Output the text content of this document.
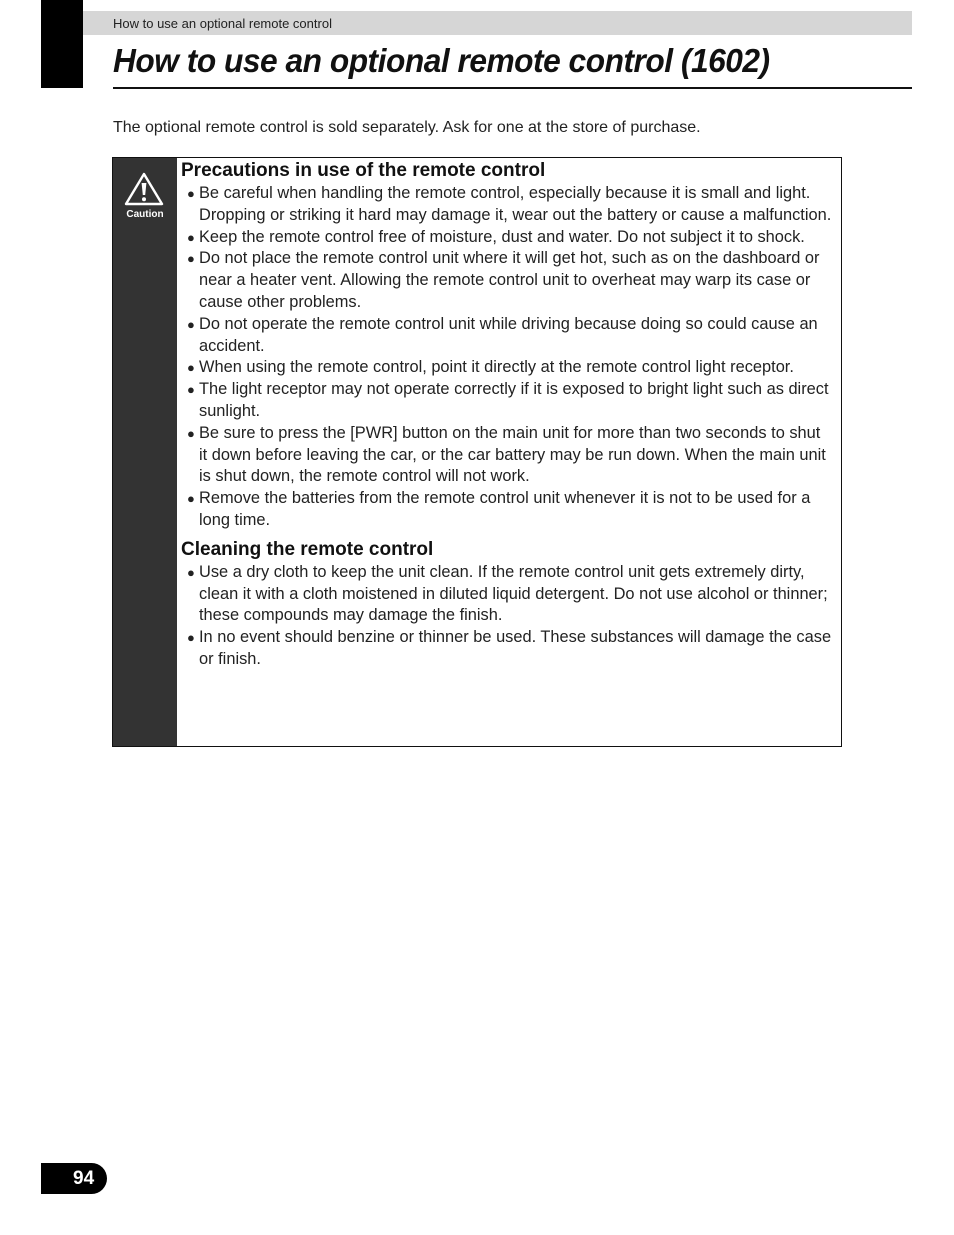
How to use an optional remote control
How to use an optional remote control (1602)

The optional remote control is sold separately. Ask for one at the store of purchase.

Caution
Precautions in use of the remote control
● Be careful when handling the remote control, especially because it is small and light. Dropping or striking it hard may damage it, wear out the battery or cause a malfunction.
● Keep the remote control free of moisture, dust and water. Do not subject it to shock.
● Do not place the remote control unit where it will get hot, such as on the dashboard or near a heater vent. Allowing the remote control unit to overheat may warp its case or cause other problems.
● Do not operate the remote control unit while driving because doing so could cause an accident.
● When using the remote control, point it directly at the remote control light receptor.
● The light receptor may not operate correctly if it is exposed to bright light such as direct sunlight.
● Be sure to press the [PWR] button on the main unit for more than two seconds to shut it down before leaving the car, or the car battery may be run down. When the main unit is shut down, the remote control will not work.
● Remove the batteries from the remote control unit whenever it is not to be used for a long time.
Cleaning the remote control
● Use a dry cloth to keep the unit clean. If the remote control unit gets extremely dirty, clean it with a cloth moistened in diluted liquid detergent. Do not use alcohol or thinner; these compounds may damage the finish.
● In no event should benzine or thinner be used. These substances will damage the case or finish.
94
